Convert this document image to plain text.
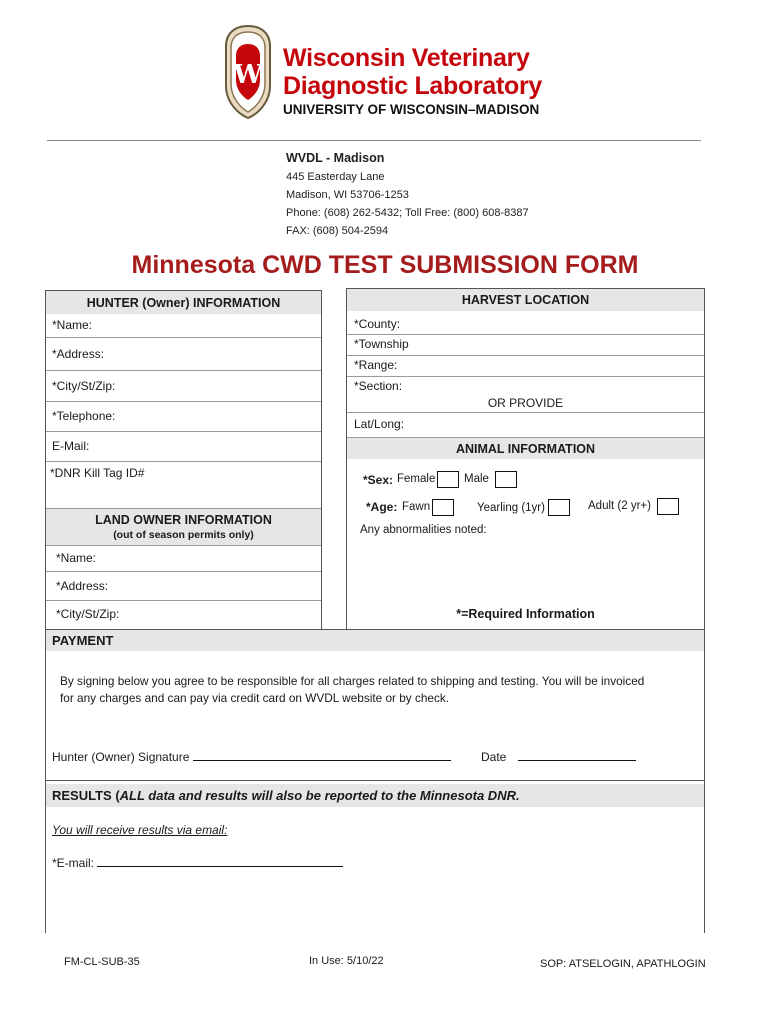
W
Wisconsin Veterinary
Diagnostic Laboratory
UNIVERSITY OF WISCONSIN–MADISON
WVDL - Madison
445 Easterday Lane
Madison, WI 53706-1253
Phone: (608) 262-5432; Toll Free: (800) 608-8387
FAX: (608) 504-2594
Minnesota CWD TEST SUBMISSION FORM
HUNTER (Owner) INFORMATION
*Name:
*Address:
*City/St/Zip:
*Telephone:
E-Mail:
*DNR Kill Tag ID#
LAND OWNER INFORMATION
(out of season permits only)
*Name:
*Address:
*City/St/Zip:
HARVEST LOCATION
*County:
*Township
*Range:
*Section:
OR PROVIDE
Lat/Long:
ANIMAL INFORMATION
*Sex: Female Male
*Age: Fawn	Yearling (1yr)	Adult (2 yr+)
Any abnormalities noted:
*=Required Information
PAYMENT
By signing below you agree to be responsible for all charges related to shipping and testing. You will be invoiced
for any charges and can pay via credit card on WVDL website or by check.
Hunter (Owner) Signature	Date
RESULTS (ALL data and results will also be reported to the Minnesota DNR.
You will receive results via email:
*E-mail:
FM-CL-SUB-35	In Use: 5/10/22	SOP: ATSELOGIN, APATHLOGIN
